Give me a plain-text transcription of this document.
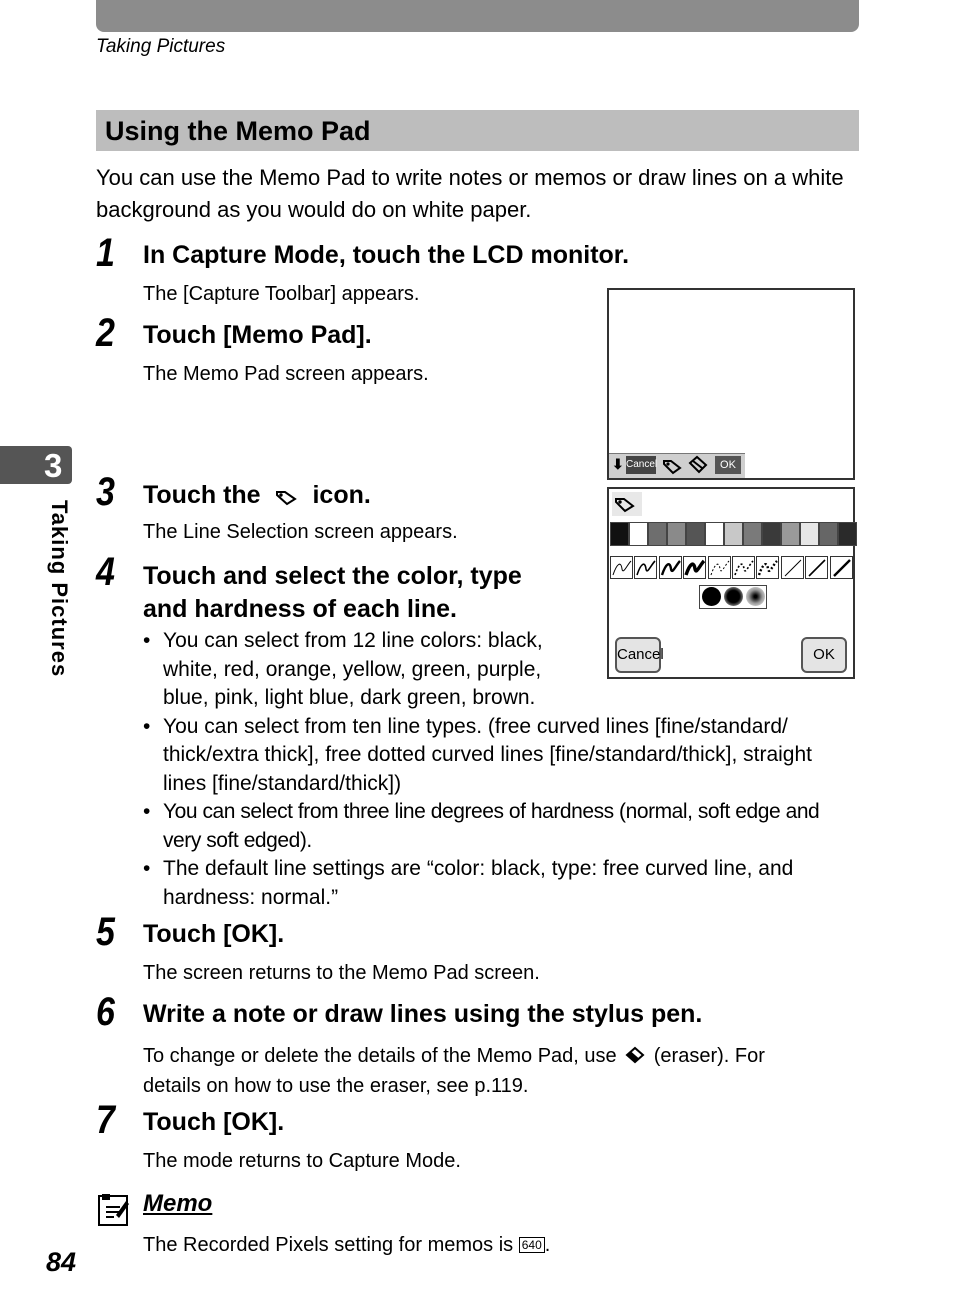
Taking Pictures
3
Taking Pictures
Using the Memo Pad
You can use the Memo Pad to write notes or memos or draw lines on a white background as you would do on white paper.
1 In Capture Mode, touch the LCD monitor.
The [Capture Toolbar] appears.
2 Touch [Memo Pad].
The Memo Pad screen appears.
⬇ Cancel	OK
3 Touch the icon.
The Line Selection screen appears.
Cancel	OK
4 Touch and select the color, type
and hardness of each line.
• You can select from 12 line colors: black, white, red, orange, yellow, green, purple, blue, pink, light blue, dark green, brown.
• You can select from ten line types. (free curved lines [fine/standard/ thick/extra thick], free dotted curved lines [fine/standard/thick], straight lines [fine/standard/thick])
• You can select from three line degrees of hardness (normal, soft edge and very soft edged).
• The default line settings are “color: black, type: free curved line, and hardness: normal.”
5 Touch [OK].
The screen returns to the Memo Pad screen.
6 Write a note or draw lines using the stylus pen.
To change or delete the details of the Memo Pad, use (eraser). For
details on how to use the eraser, see p.119.
7 Touch [OK].
The mode returns to Capture Mode.
Memo
The Recorded Pixels setting for memos is 640 .
84
